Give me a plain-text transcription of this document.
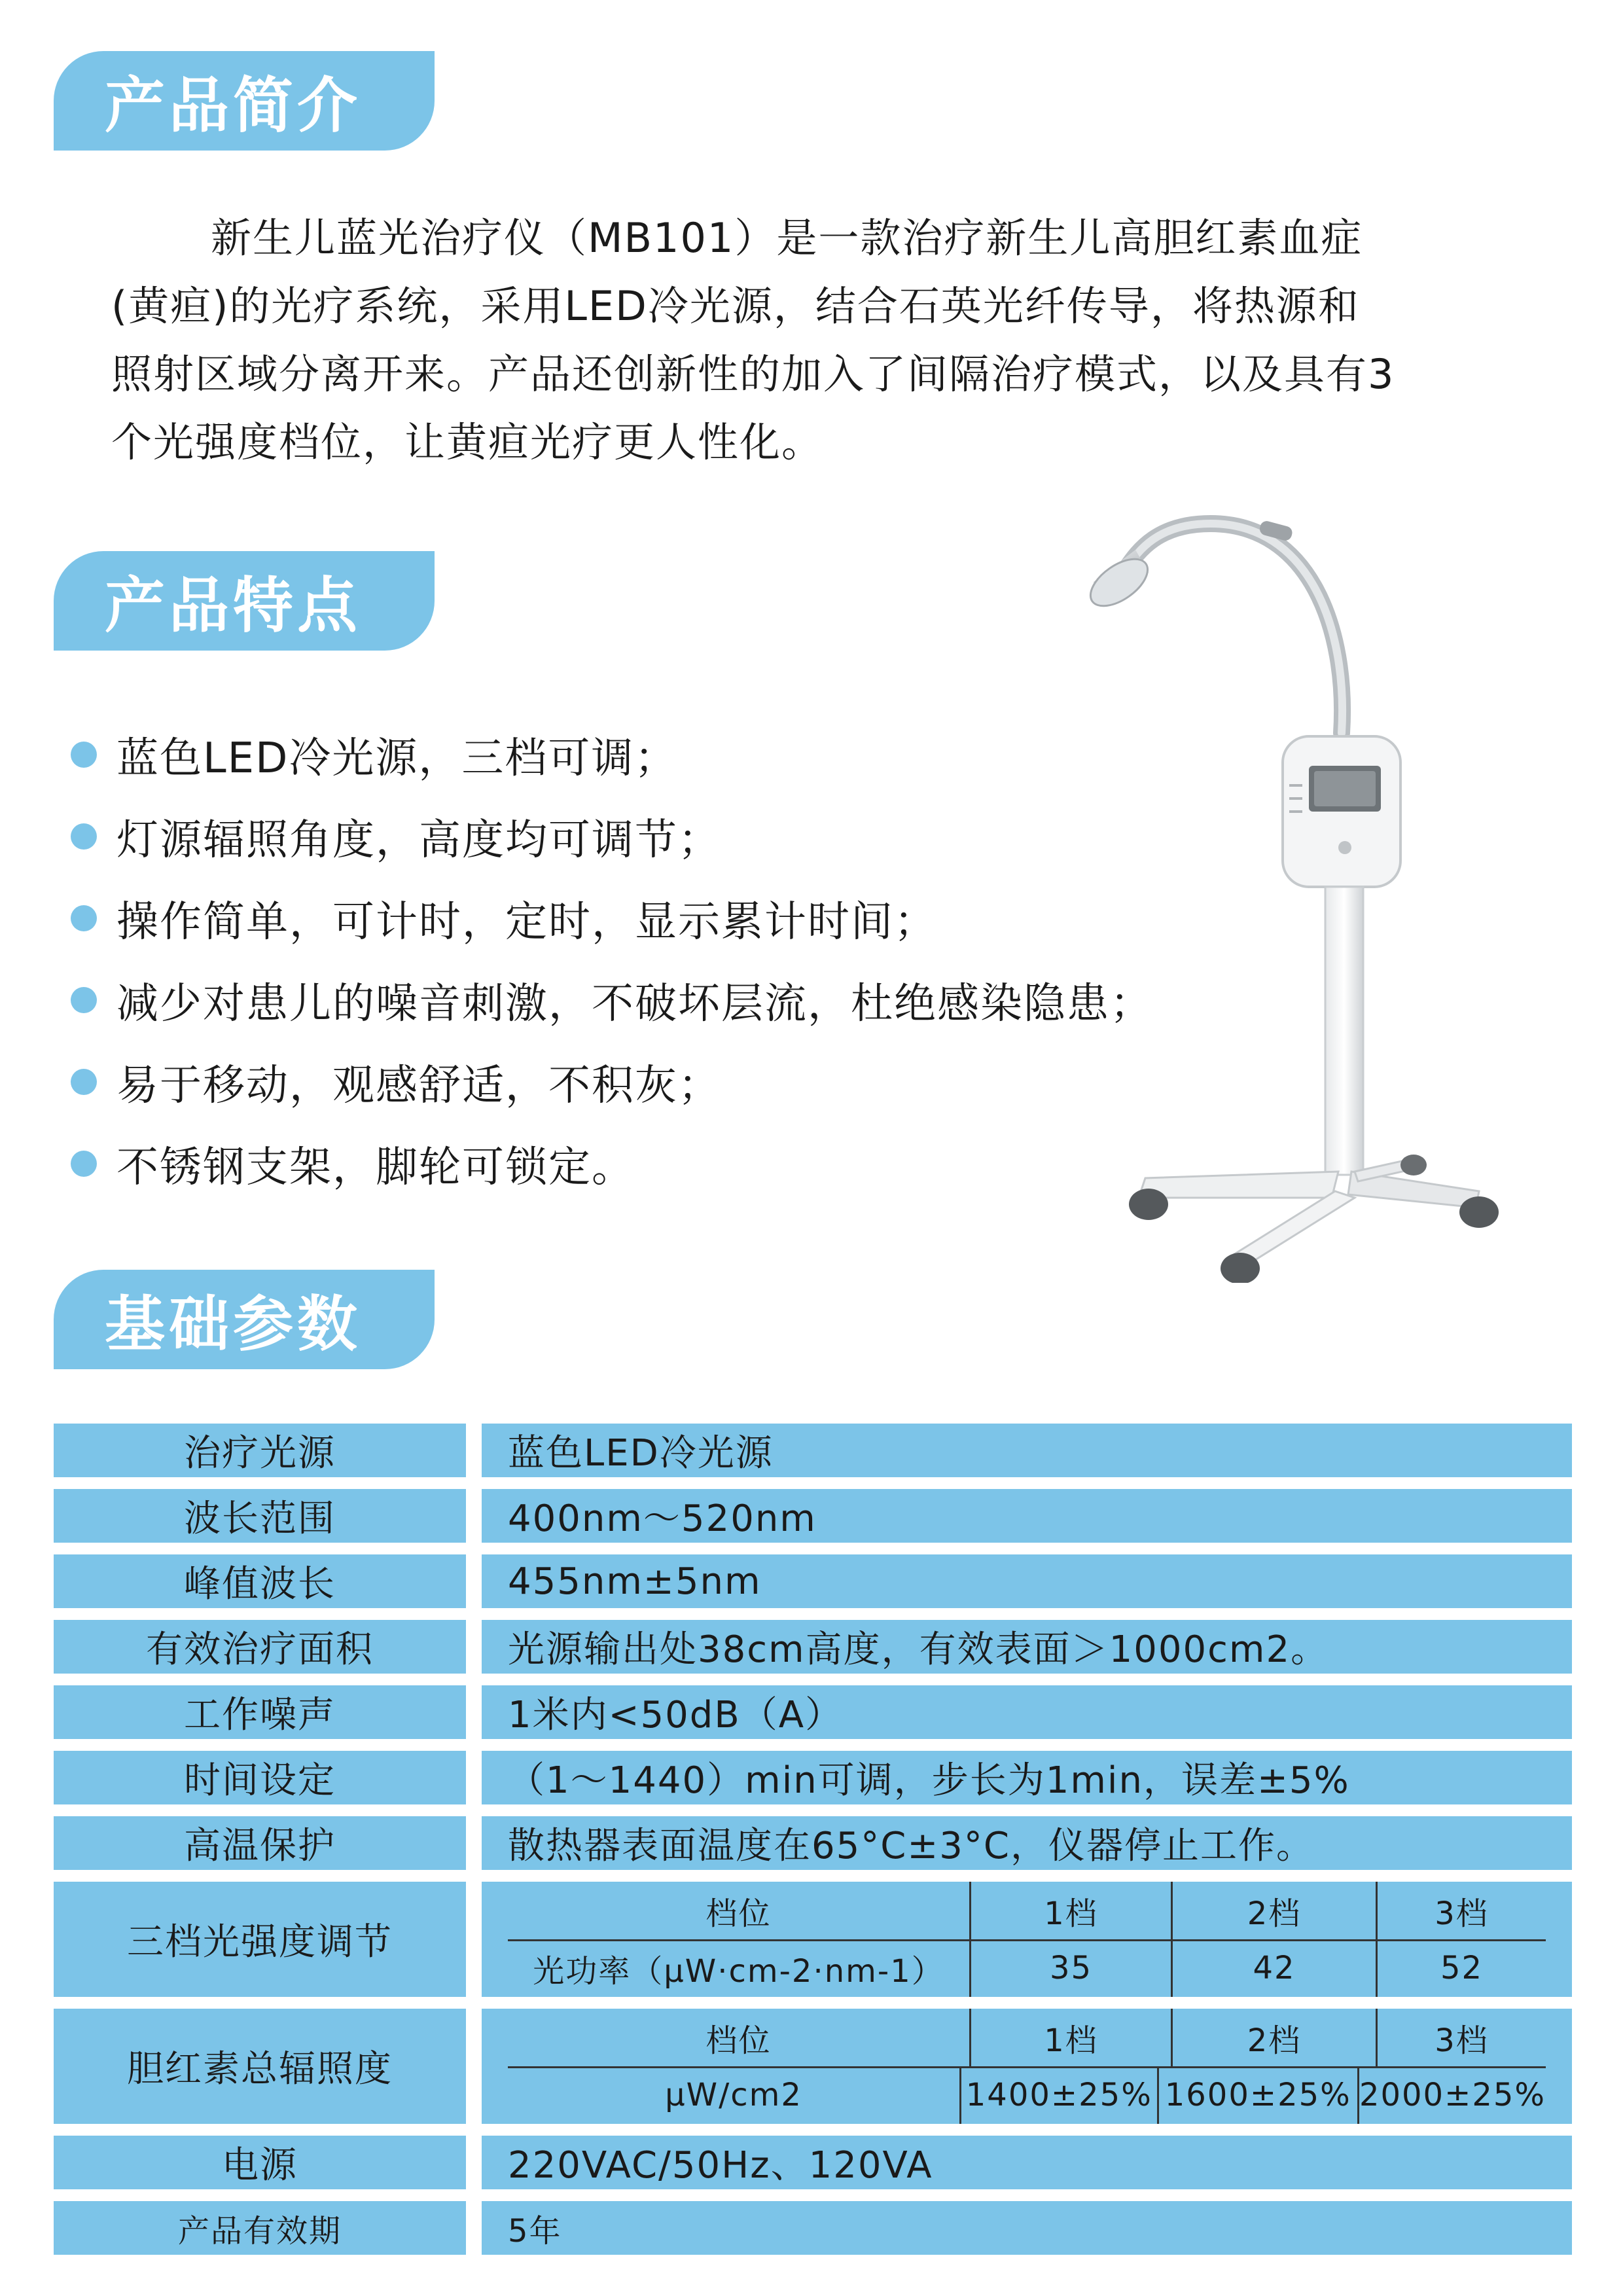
产品简介
新生儿蓝光治疗仪（MB101）是一款治疗新生儿高胆红素血症
(黄疸)的光疗系统，采用LED冷光源，结合石英光纤传导，将热源和
照射区域分离开来。产品还创新性的加入了间隔治疗模式，以及具有3
个光强度档位，让黄疸光疗更人性化。
产品特点
蓝色LED冷光源，三档可调；
灯源辐照角度，高度均可调节；
操作简单，可计时，定时，显示累计时间；
减少对患儿的噪音刺激，不破坏层流，杜绝感染隐患；
易于移动，观感舒适，不积灰；
不锈钢支架，脚轮可锁定。
基础参数
治疗光源	蓝色LED冷光源
波长范围	400nm～520nm
峰值波长	455nm±5nm
有效治疗面积	光源输出处38cm高度，有效表面＞1000cm2。
工作噪声	1米内<50dB（A）
时间设定	（1～1440）min可调，步长为1min，误差±5%
高温保护	散热器表面温度在65°C±3°C，仪器停止工作。
三档光强度调节
档位	1档	2档	3档
光功率（μW·cm-2·nm-1）	35	42	52
胆红素总辐照度
档位	1档	2档	3档
μW/cm2	1400±25% 1600±25% 2000±25%
电源	220VAC/50Hz、120VA
产品有效期	5年
